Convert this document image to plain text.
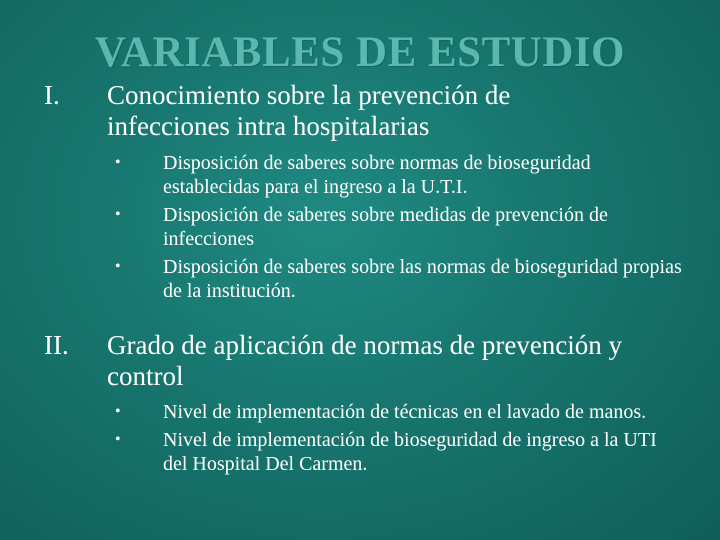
VARIABLES DE ESTUDIO
I. Conocimiento sobre la prevención de infecciones intra hospitalarias
• Disposición de saberes sobre normas de bioseguridad establecidas para el ingreso a la U.T.I.
• Disposición de saberes sobre medidas de prevención de infecciones
• Disposición de saberes sobre las normas de bioseguridad propias de la institución.
II. Grado de aplicación de normas de prevención y control
• Nivel de implementación de técnicas en el lavado de manos.
• Nivel de implementación de bioseguridad de ingreso a la UTI del Hospital Del Carmen.
